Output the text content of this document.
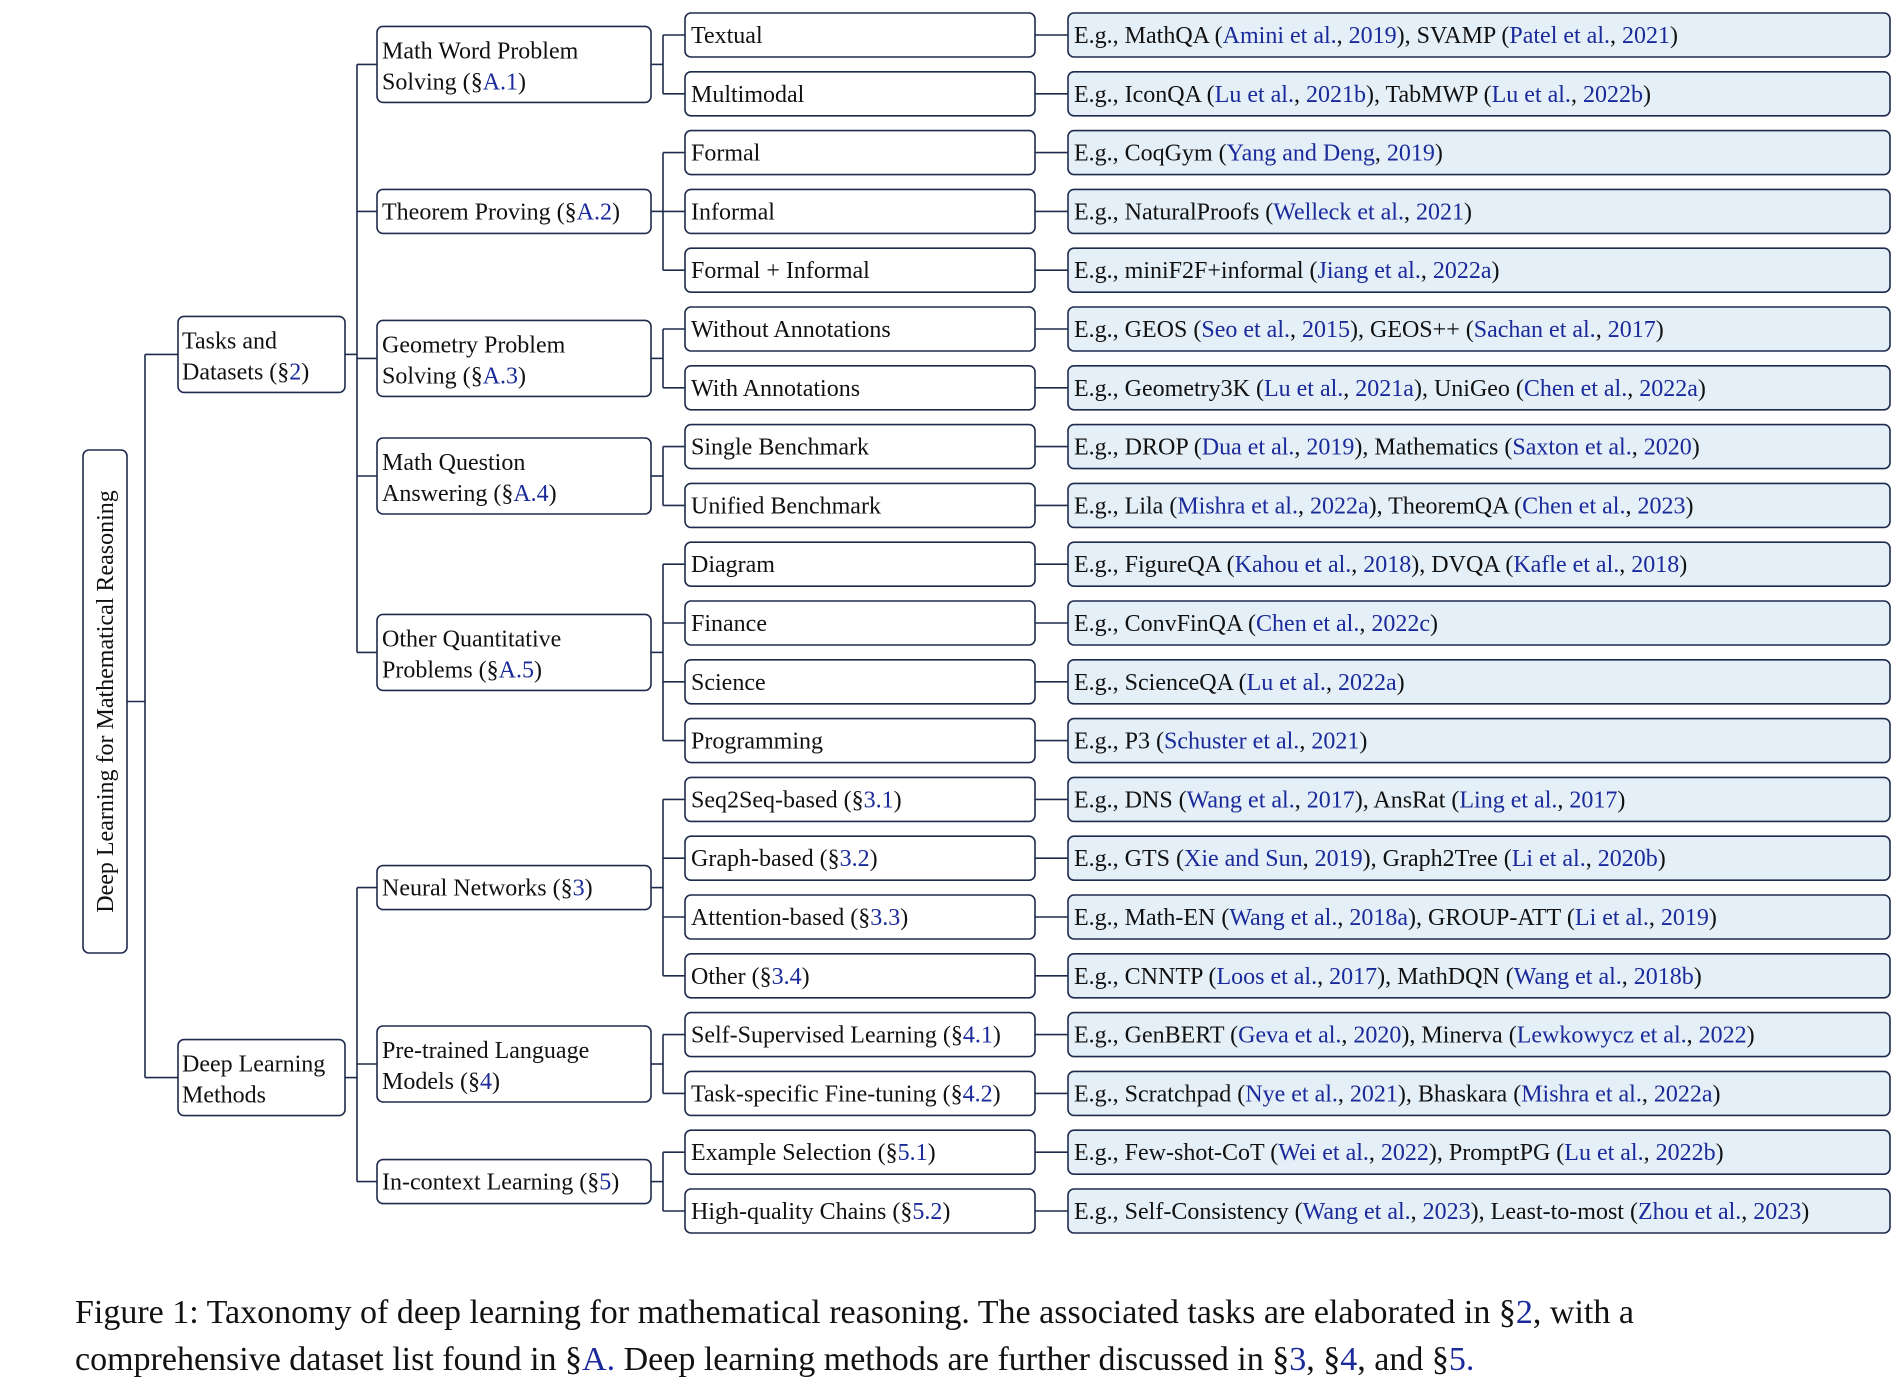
Textual	E.g., MathQA (Amini et al., 2019), SVAMP (Patel et al., 2021)
Multimodal	E.g., IconQA (Lu et al., 2021b), TabMWP (Lu et al., 2022b)
Formal	E.g., CoqGym (Yang and Deng, 2019)
Informal	E.g., NaturalProofs (Welleck et al., 2021)
Formal + Informal	E.g., miniF2F+informal (Jiang et al., 2022a)
Without Annotations	E.g., GEOS (Seo et al., 2015), GEOS++ (Sachan et al., 2017)
With Annotations	E.g., Geometry3K (Lu et al., 2021a), UniGeo (Chen et al., 2022a)
Single Benchmark	E.g., DROP (Dua et al., 2019), Mathematics (Saxton et al., 2020)
Unified Benchmark	E.g., Lila (Mishra et al., 2022a), TheoremQA (Chen et al., 2023)
Diagram	E.g., FigureQA (Kahou et al., 2018), DVQA (Kafle et al., 2018)
Finance	E.g., ConvFinQA (Chen et al., 2022c)
Science	E.g., ScienceQA (Lu et al., 2022a)
Programming	E.g., P3 (Schuster et al., 2021)
Seq2Seq-based (§3.1)	E.g., DNS (Wang et al., 2017), AnsRat (Ling et al., 2017)
Graph-based (§3.2)	E.g., GTS (Xie and Sun, 2019), Graph2Tree (Li et al., 2020b)
Attention-based (§3.3)	E.g., Math-EN (Wang et al., 2018a), GROUP-ATT (Li et al., 2019)
Other (§3.4)	E.g., CNNTP (Loos et al., 2017), MathDQN (Wang et al., 2018b)
Self-Supervised Learning (§4.1)	E.g., GenBERT (Geva et al., 2020), Minerva (Lewkowycz et al., 2022)
Task-specific Fine-tuning (§4.2)	E.g., Scratchpad (Nye et al., 2021), Bhaskara (Mishra et al., 2022a)
Example Selection (§5.1)	E.g., Few-shot-CoT (Wei et al., 2022), PromptPG (Lu et al., 2022b)
High-quality Chains (§5.2)	E.g., Self-Consistency (Wang et al., 2023), Least-to-most (Zhou et al., 2023)
Math Word Problem
Solving (§A.1)
Theorem Proving (§A.2)
Geometry Problem
Solving (§A.3)
Math Question
Answering (§A.4)
Other Quantitative
Problems (§A.5)
Neural Networks (§3)
Pre-trained Language
Models (§4)
In-context Learning (§5)
Tasks and
Datasets (§2)
Deep Learning
Methods
Deep Learning for Mathematical Reasoning
Figure 1: Taxonomy of deep learning for mathematical reasoning. The associated tasks are elaborated in §2, with a
comprehensive dataset list found in §A. Deep learning methods are further discussed in §3, §4, and §5.
